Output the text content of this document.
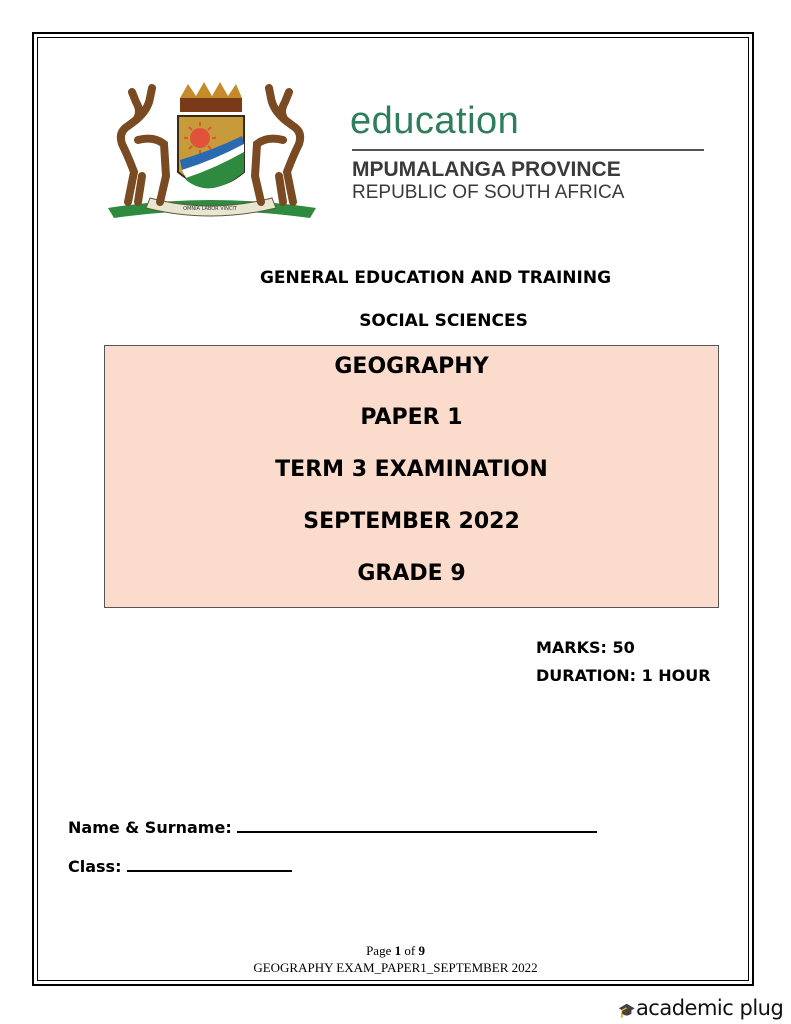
OMNIA LABOR VINCIT
education
MPUMALANGA PROVINCE
REPUBLIC OF SOUTH AFRICA
GENERAL EDUCATION AND TRAINING
SOCIAL SCIENCES
GEOGRAPHY
PAPER 1
TERM 3 EXAMINATION
SEPTEMBER 2022
GRADE 9
MARKS: 50
DURATION: 1 HOUR
Name & Surname:
Class:
Page 1 of 9
GEOGRAPHY EXAM_PAPER1_SEPTEMBER 2022
🎓academic plug
